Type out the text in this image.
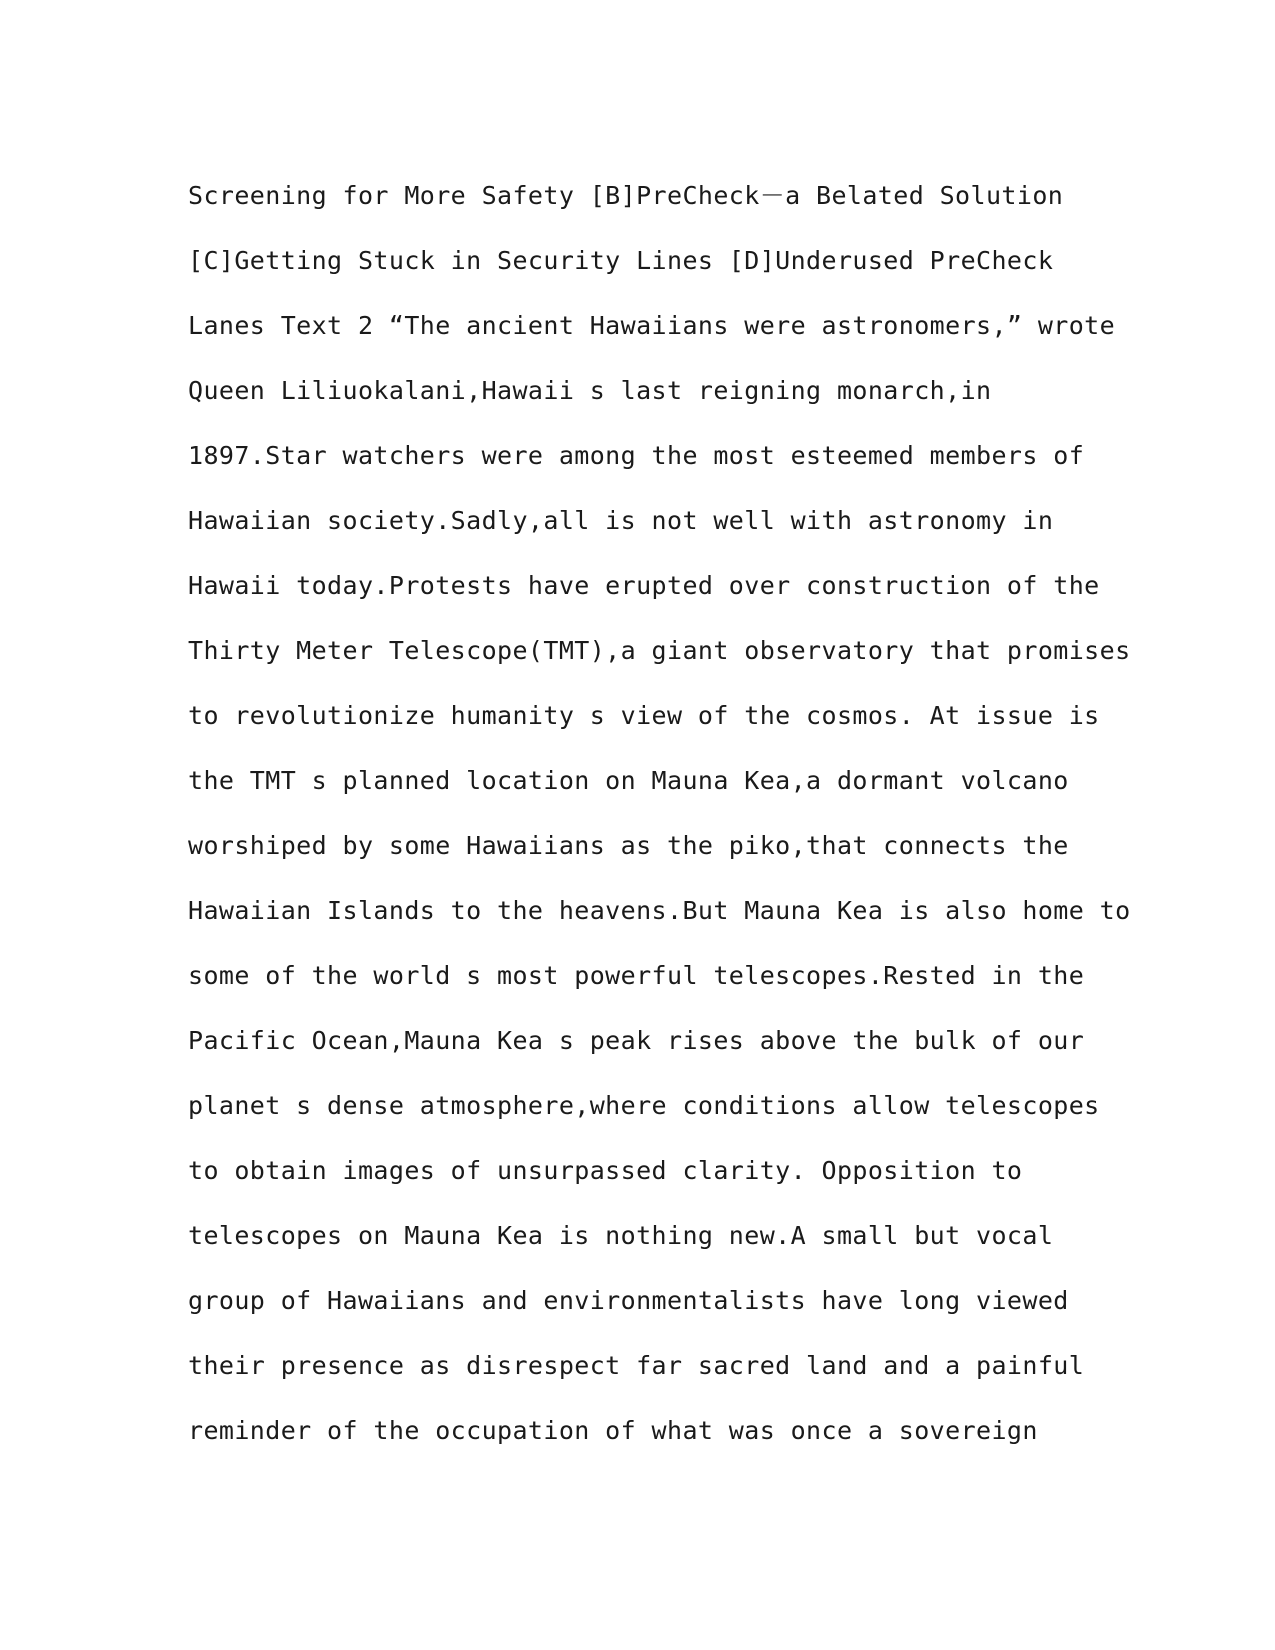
Screening for More Safety [B]PreCheck－a Belated Solution
[C]Getting Stuck in Security Lines [D]Underused PreCheck
Lanes Text 2 “The ancient Hawaiians were astronomers,” wrote
Queen Liliuokalani,Hawaii s last reigning monarch,in
1897.Star watchers were among the most esteemed members of
Hawaiian society.Sadly,all is not well with astronomy in
Hawaii today.Protests have erupted over construction of the
Thirty Meter Telescope(TMT),a giant observatory that promises
to revolutionize humanity s view of the cosmos. At issue is
the TMT s planned location on Mauna Kea,a dormant volcano
worshiped by some Hawaiians as the piko,that connects the
Hawaiian Islands to the heavens.But Mauna Kea is also home to
some of the world s most powerful telescopes.Rested in the
Pacific Ocean,Mauna Kea s peak rises above the bulk of our
planet s dense atmosphere,where conditions allow telescopes
to obtain images of unsurpassed clarity. Opposition to
telescopes on Mauna Kea is nothing new.A small but vocal
group of Hawaiians and environmentalists have long viewed
their presence as disrespect far sacred land and a painful
reminder of the occupation of what was once a sovereign
